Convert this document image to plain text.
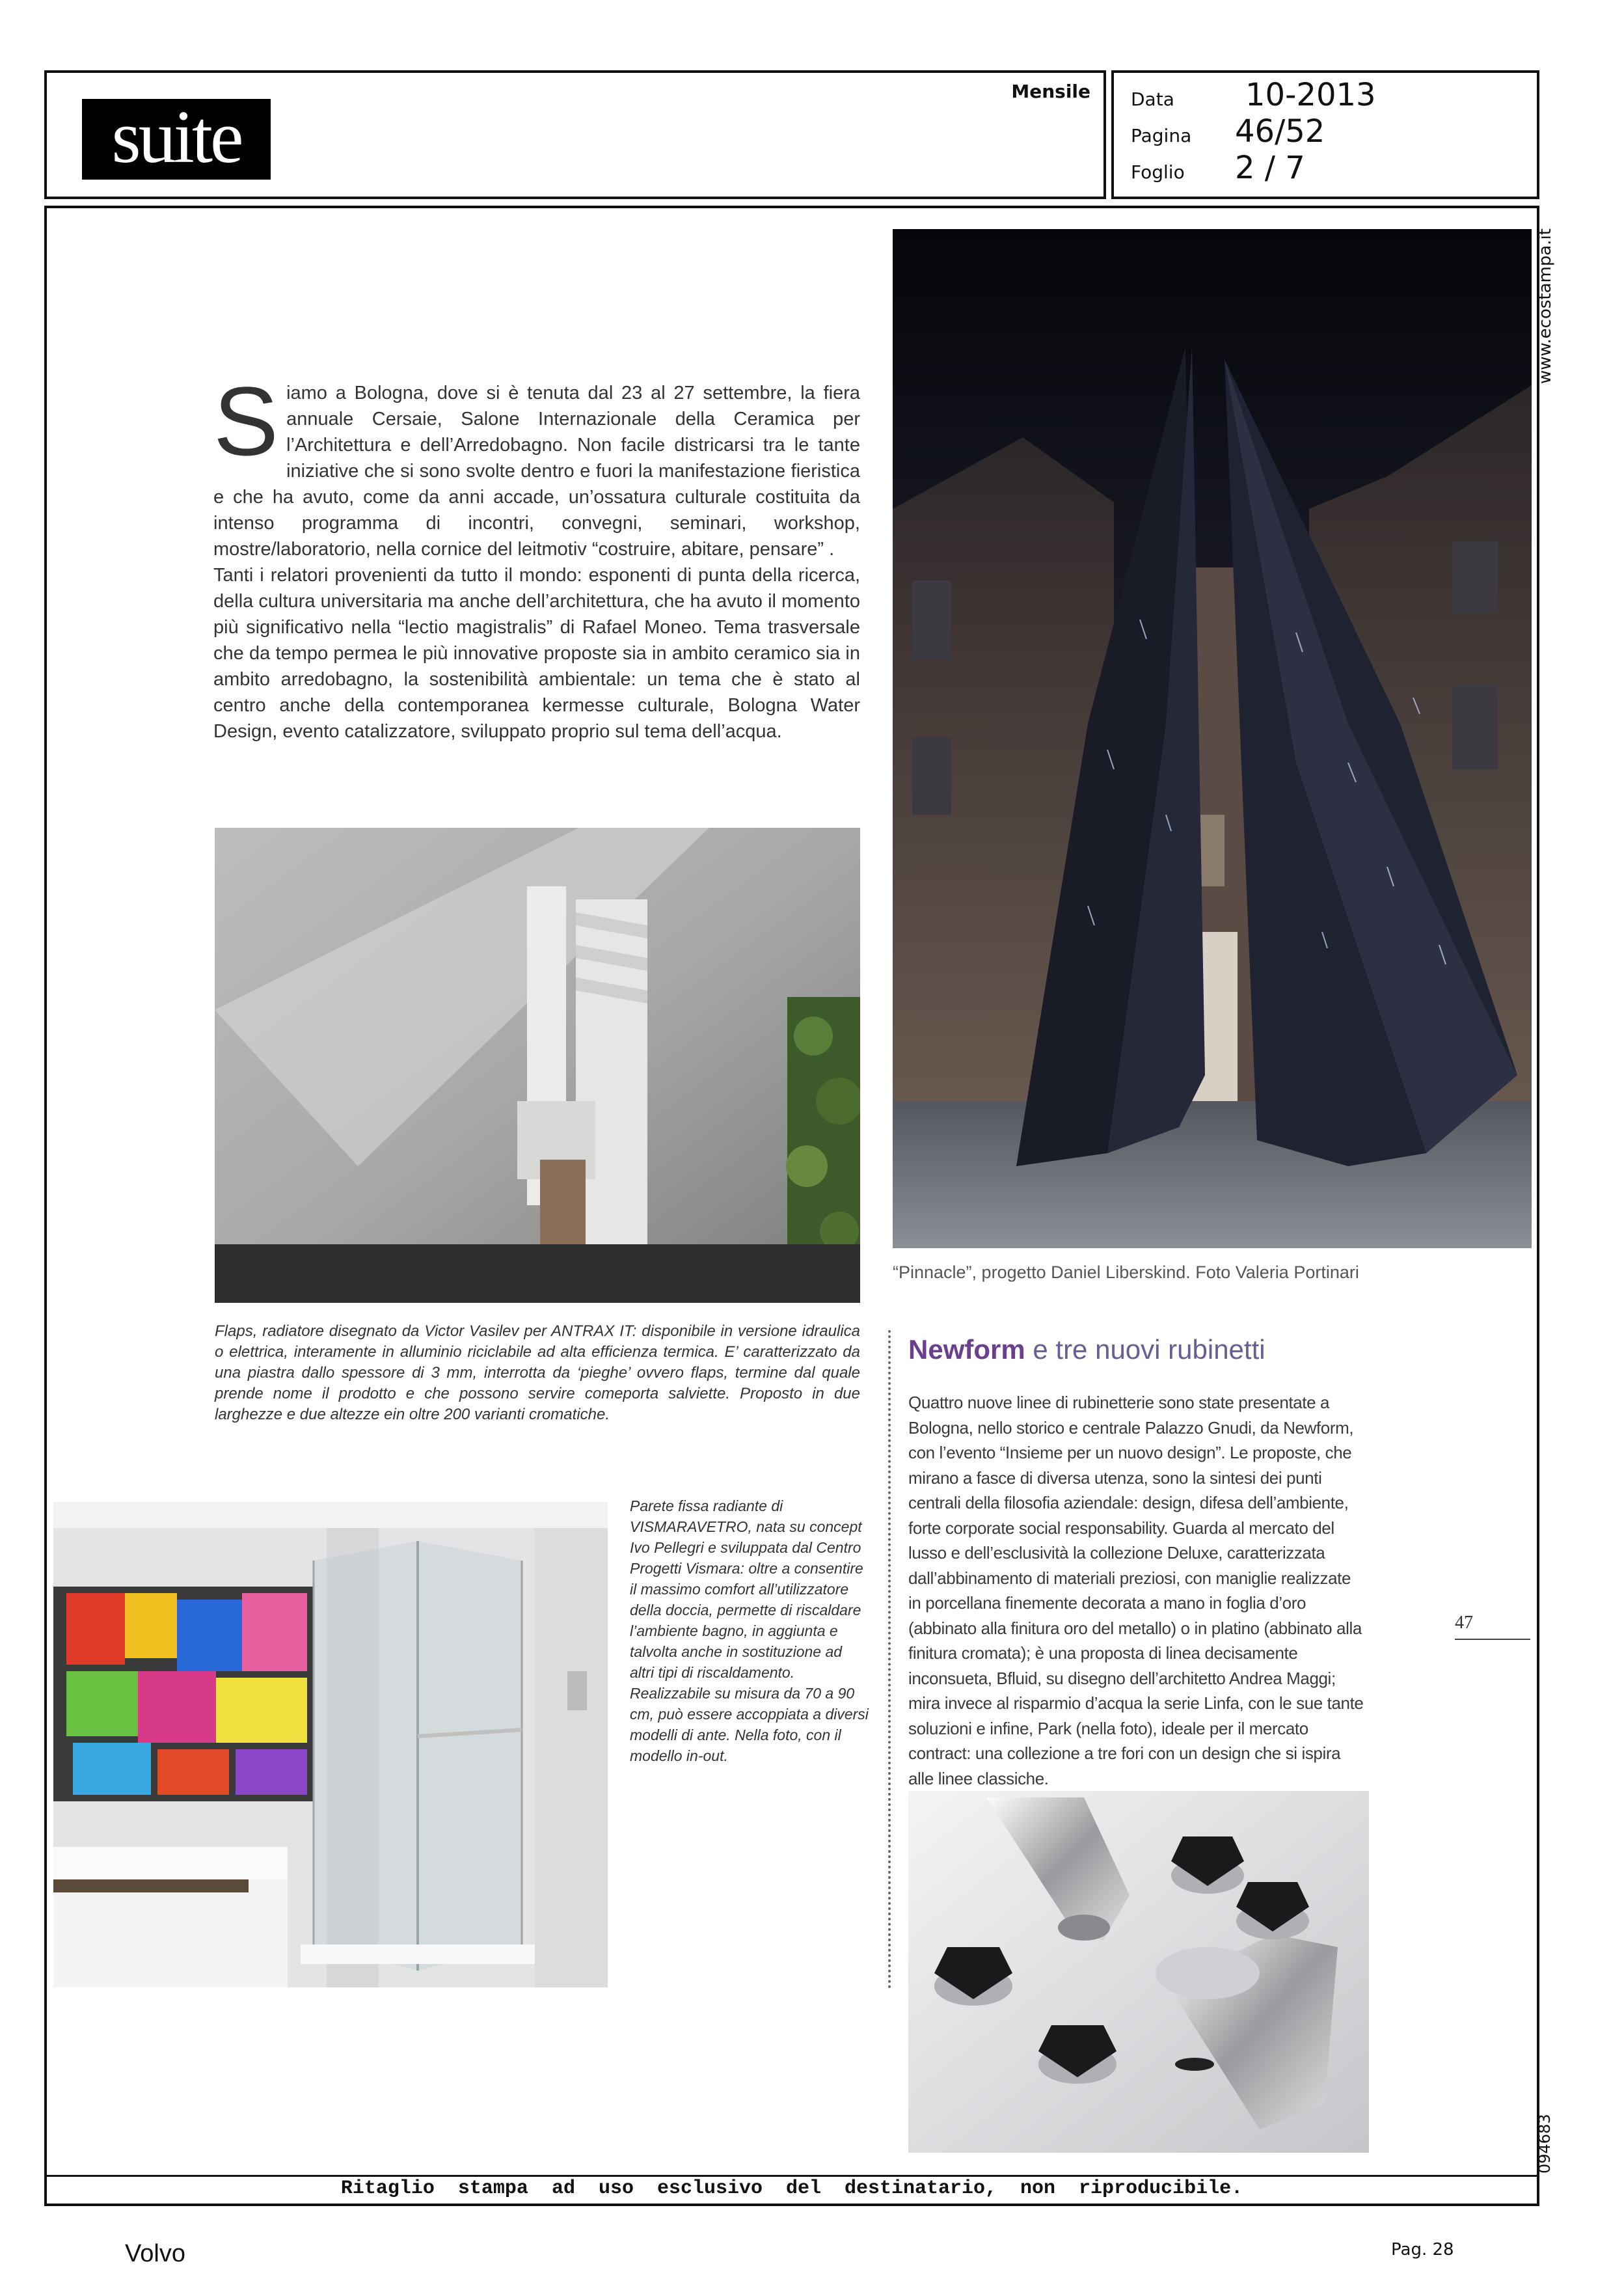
suite
Mensile Data 10-2013
Pagina 46/52
Foglio 2 / 7
Ritaglio stampa ad uso esclusivo del destinatario, non riproducibile.
www.ecostampa.it
094683
S iamo a Bologna, dove si è tenuta dal 23 al 27 settembre, la fiera annuale Cersaie, Salone Internazionale della Ceramica per l’Architettura e dell’Arredobagno. Non facile districarsi tra le tante iniziative che si sono svolte dentro e fuori la manifestazione fieristica e che ha avuto, come da anni accade, un’ossatura culturale costituita da intenso programma di incontri, convegni, seminari, workshop, mostre/laboratorio, nella cornice del leitmotiv “costruire, abitare, pensare” .

Tanti i relatori provenienti da tutto il mondo: esponenti di punta della ricerca, della cultura universitaria ma anche dell’architettura, che ha avuto il momento più significativo nella “lectio magistralis” di Rafael Moneo. Tema trasversale che da tempo permea le più innovative proposte sia in ambito ceramico sia in ambito arredobagno, la sostenibilità ambientale: un tema che è stato al centro anche della contemporanea kermesse culturale, Bologna Water Design, evento catalizzatore, sviluppato proprio sul tema dell’acqua.

“Pinnacle”, progetto Daniel Liberskind. Foto Valeria Portinari
Flaps, radiatore disegnato da Victor Vasilev per ANTRAX IT: disponibile in versione idraulica o elettrica, interamente in alluminio riciclabile ad alta efficienza termica. E’ caratterizzato da una piastra dallo spessore di 3 mm, interrotta da ‘pieghe’ ovvero flaps, termine dal quale prende nome il prodotto e che possono servire comeporta salviette. Proposto in due larghezze e due altezze ein oltre 200 varianti cromatiche.
Parete fissa radiante di VISMARAVETRO, nata su concept Ivo Pellegri e sviluppata dal Centro Progetti Vismara: oltre a consentire il massimo comfort all’utilizzatore della doccia, permette di riscaldare l’ambiente bagno, in aggiunta e talvolta anche in sostituzione ad altri tipi di riscaldamento. Realizzabile su misura da 70 a 90 cm, può essere accoppiata a diversi modelli di ante. Nella foto, con il modello in-out.
Newform e tre nuovi rubinetti
Quattro nuove linee di rubinetterie sono state presentate a Bologna, nello storico e centrale Palazzo Gnudi, da Newform, con l’evento “Insieme per un nuovo design”. Le proposte, che mirano a fasce di diversa utenza, sono la sintesi dei punti centrali della filosofia aziendale: design, difesa dell’ambiente, forte corporate social responsability. Guarda al mercato del lusso e dell’esclusività la collezione Deluxe, caratterizzata dall’abbinamento di materiali preziosi, con maniglie realizzate in porcellana finemente decorata a mano in foglia d’oro (abbinato alla finitura oro del metallo) o in platino (abbinato alla finitura cromata); è una proposta di linea decisamente inconsueta, Bfluid, su disegno dell’architetto Andrea Maggi; mira invece al risparmio d’acqua la serie Linfa, con le sue tante soluzioni e infine, Park (nella foto), ideale per il mercato contract: una collezione a tre fori con un design che si ispira alle linee classiche.
47
Volvo	Pag. 28
